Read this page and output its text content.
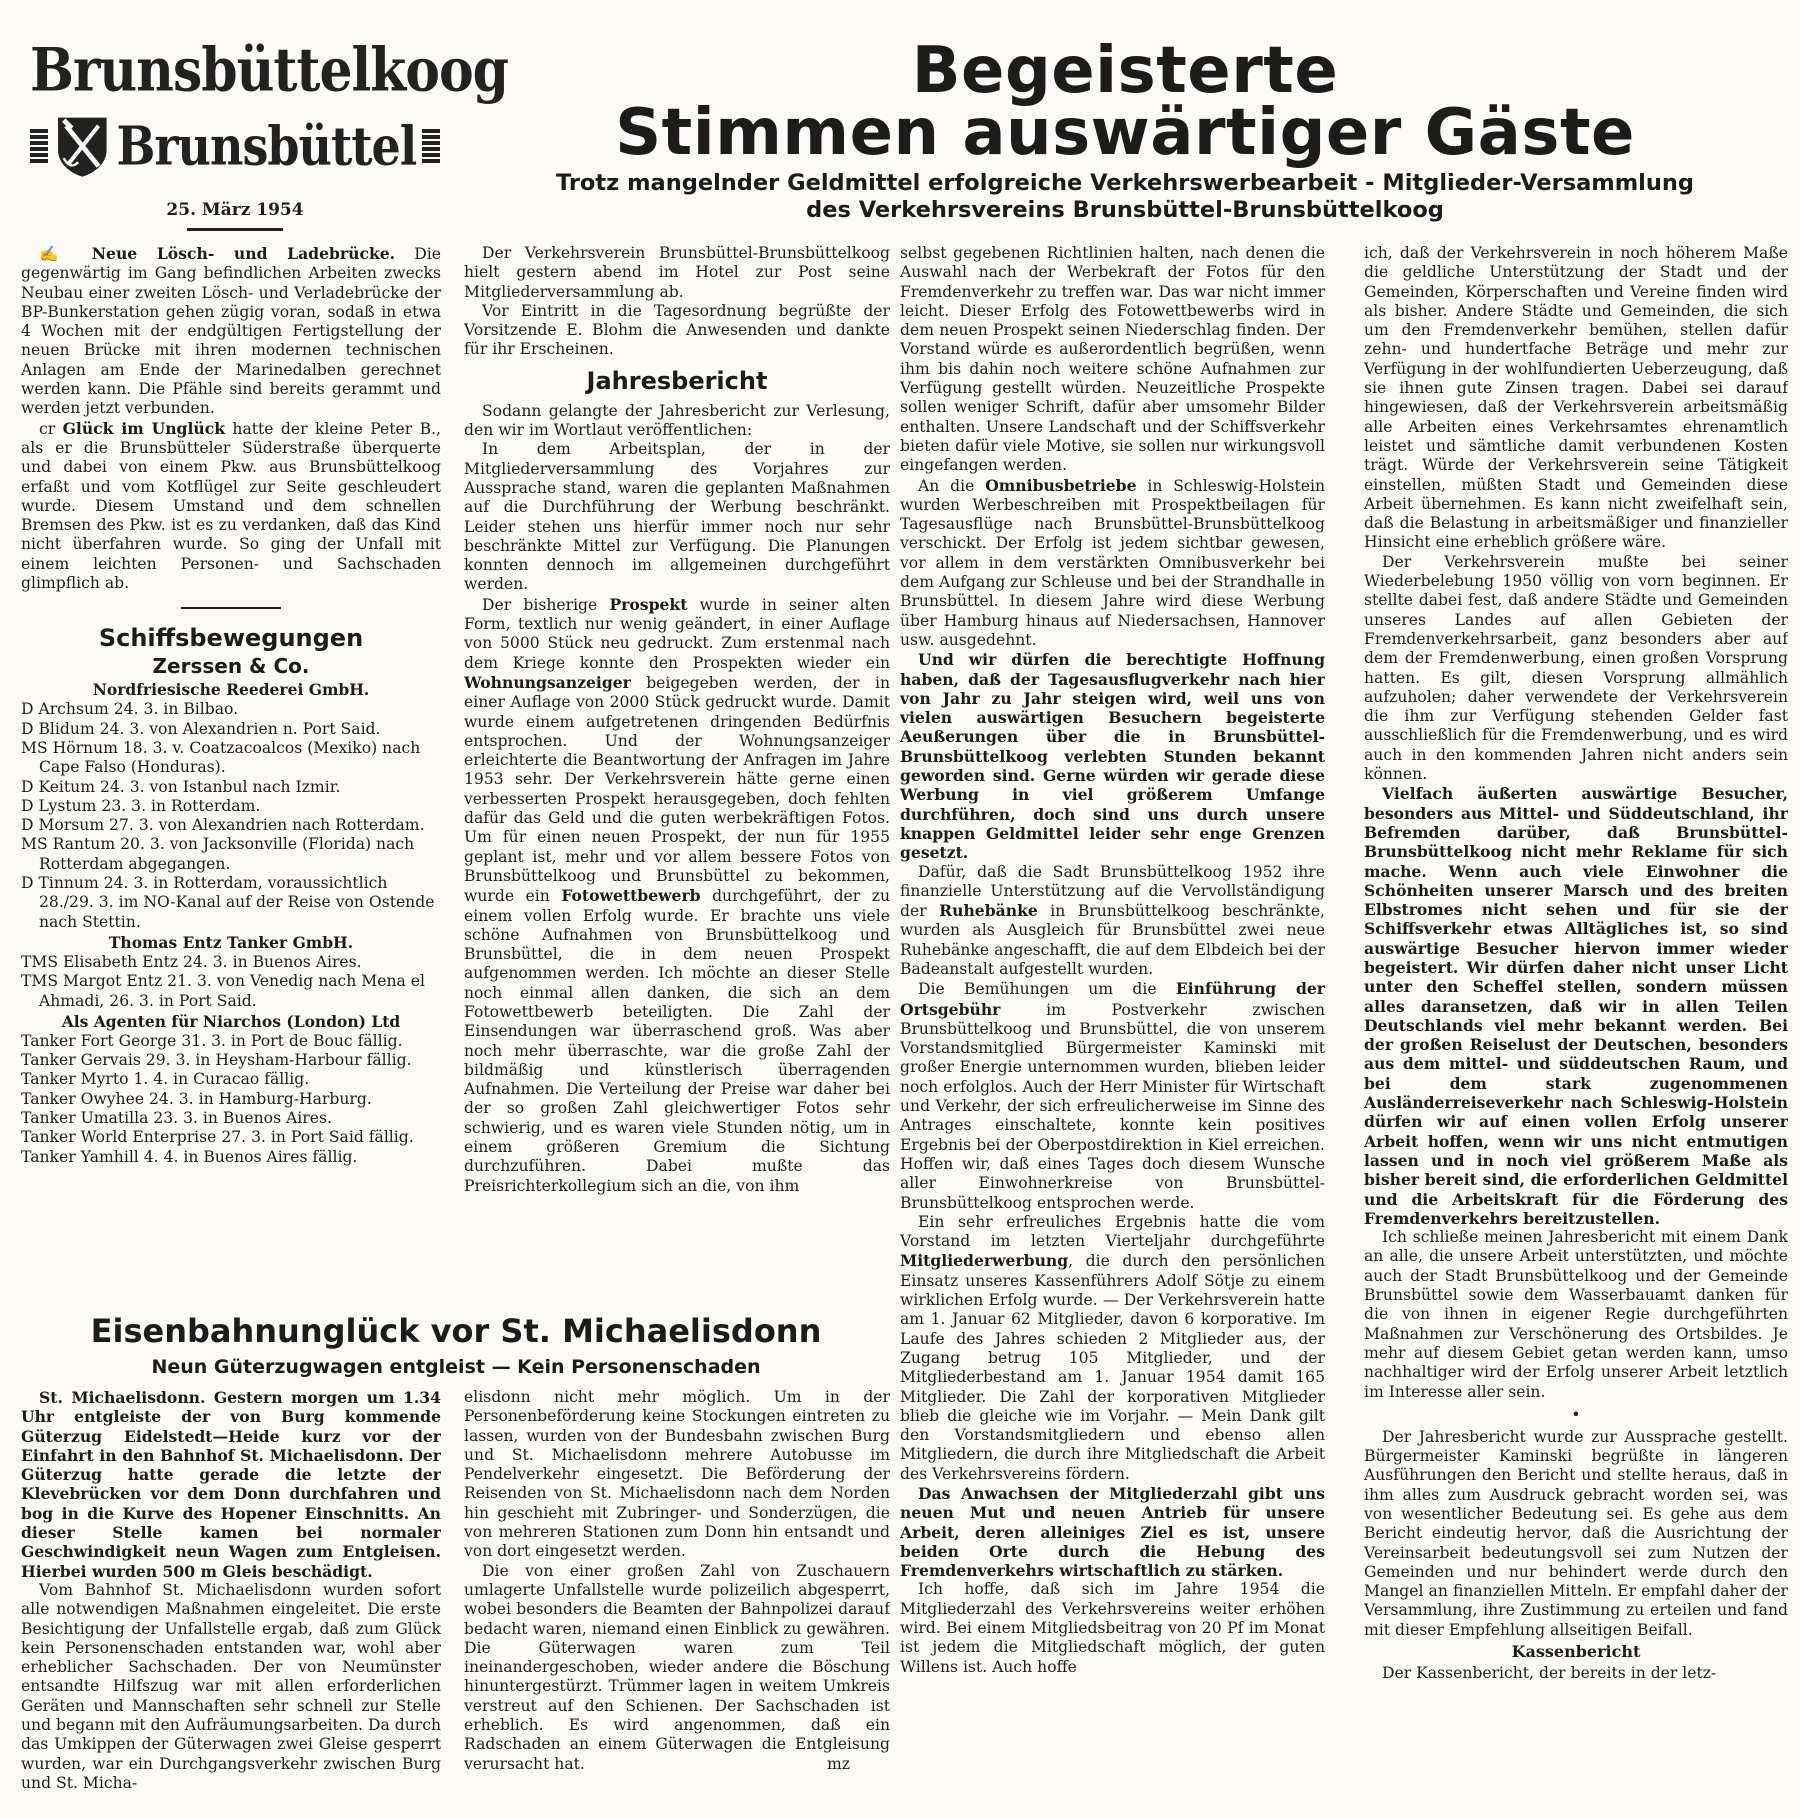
Brunsbüttelkoog
Brunsbüttel
25. März 1954
Begeisterte
Stimmen auswärtiger Gäste
Trotz mangelnder Geldmittel erfolgreiche Verkehrswerbearbeit - Mitglieder-Versammlung
des Verkehrsvereins Brunsbüttel-Brunsbüttelkoog

✍ Neue Lösch- und Ladebrücke. Die gegenwärtig im Gang befindlichen Arbeiten zwecks Neubau einer zweiten Lösch- und Verladebrücke der BP-Bunkerstation gehen zügig voran, sodaß in etwa 4 Wochen mit der endgültigen Fertigstellung der neuen Brücke mit ihren modernen technischen Anlagen am Ende der Marinedalben gerechnet werden kann. Die Pfähle sind bereits gerammt und werden jetzt verbunden.

cr Glück im Unglück hatte der kleine Peter B., als er die Brunsbütteler Süderstraße überquerte und dabei von einem Pkw. aus Brunsbüttelkoog erfaßt und vom Kotflügel zur Seite geschleudert wurde. Diesem Umstand und dem schnellen Bremsen des Pkw. ist es zu verdanken, daß das Kind nicht überfahren wurde. So ging der Unfall mit einem leichten Personen- und Sachschaden glimpflich ab.

Schiffsbewegungen
Zerssen & Co.
Nordfriesische Reederei GmbH.

D Archsum 24. 3. in Bilbao.

D Blidum 24. 3. von Alexandrien n. Port Said.

MS Hörnum 18. 3. v. Coatzacoalcos (Mexiko) nach Cape Falso (Honduras).

D Keitum 24. 3. von Istanbul nach Izmir.

D Lystum 23. 3. in Rotterdam.

D Morsum 27. 3. von Alexandrien nach Rotterdam.

MS Rantum 20. 3. von Jacksonville (Florida) nach Rotterdam abgegangen.

D Tinnum 24. 3. in Rotterdam, voraussichtlich 28./29. 3. im NO-Kanal auf der Reise von Ostende nach Stettin.

Thomas Entz Tanker GmbH.

TMS Elisabeth Entz 24. 3. in Buenos Aires.

TMS Margot Entz 21. 3. von Venedig nach Mena el Ahmadi, 26. 3. in Port Said.

Als Agenten für Niarchos (London) Ltd

Tanker Fort George 31. 3. in Port de Bouc fällig.

Tanker Gervais 29. 3. in Heysham-Harbour fällig.

Tanker Myrto 1. 4. in Curacao fällig.

Tanker Owyhee 24. 3. in Hamburg-Harburg.

Tanker Umatilla 23. 3. in Buenos Aires.

Tanker World Enterprise 27. 3. in Port Said fällig.

Tanker Yamhill 4. 4. in Buenos Aires fällig.

Der Verkehrsverein Brunsbüttel-Brunsbüttelkoog hielt gestern abend im Hotel zur Post seine Mitgliederversammlung ab.

Vor Eintritt in die Tagesordnung begrüßte der Vorsitzende E. Blohm die Anwesenden und dankte für ihr Erscheinen.

Jahresbericht

Sodann gelangte der Jahresbericht zur Verlesung, den wir im Wortlaut veröffentlichen:

In dem Arbeitsplan, der in der Mitgliederversammlung des Vorjahres zur Aussprache stand, waren die geplanten Maßnahmen auf die Durchführung der Werbung beschränkt. Leider stehen uns hierfür immer noch nur sehr beschränkte Mittel zur Verfügung. Die Planungen konnten dennoch im allgemeinen durchgeführt werden.

Der bisherige Prospekt wurde in seiner alten Form, textlich nur wenig geändert, in einer Auflage von 5000 Stück neu gedruckt. Zum erstenmal nach dem Kriege konnte den Prospekten wieder ein Wohnungsanzeiger beigegeben werden, der in einer Auflage von 2000 Stück gedruckt wurde. Damit wurde einem aufgetretenen dringenden Bedürfnis entsprochen. Und der Wohnungsanzeiger erleichterte die Beantwortung der Anfragen im Jahre 1953 sehr. Der Verkehrsverein hätte gerne einen verbesserten Prospekt herausgegeben, doch fehlten dafür das Geld und die guten werbekräftigen Fotos. Um für einen neuen Prospekt, der nun für 1955 geplant ist, mehr und vor allem bessere Fotos von Brunsbüttelkoog und Brunsbüttel zu bekommen, wurde ein Fotowettbewerb durchgeführt, der zu einem vollen Erfolg wurde. Er brachte uns viele schöne Aufnahmen von Brunsbüttelkoog und Brunsbüttel, die in dem neuen Prospekt aufgenommen werden. Ich möchte an dieser Stelle noch einmal allen danken, die sich an dem Fotowettbewerb beteiligten. Die Zahl der Einsendungen war überraschend groß. Was aber noch mehr überraschte, war die große Zahl der bildmäßig und künstlerisch überragenden Aufnahmen. Die Verteilung der Preise war daher bei der so großen Zahl gleichwertiger Fotos sehr schwierig, und es waren viele Stunden nötig, um in einem größeren Gremium die Sichtung durchzuführen. Dabei mußte das Preisrichterkollegium sich an die, von ihm

selbst gegebenen Richtlinien halten, nach denen die Auswahl nach der Werbekraft der Fotos für den Fremdenverkehr zu treffen war. Das war nicht immer leicht. Dieser Erfolg des Fotowettbewerbs wird in dem neuen Prospekt seinen Niederschlag finden. Der Vorstand würde es außerordentlich begrüßen, wenn ihm bis dahin noch weitere schöne Aufnahmen zur Verfügung gestellt würden. Neuzeitliche Prospekte sollen weniger Schrift, dafür aber umsomehr Bilder enthalten. Unsere Landschaft und der Schiffsverkehr bieten dafür viele Motive, sie sollen nur wirkungsvoll eingefangen werden.

An die Omnibusbetriebe in Schleswig-Holstein wurden Werbeschreiben mit Prospektbeilagen für Tagesausflüge nach Brunsbüttel-Brunsbüttelkoog verschickt. Der Erfolg ist jedem sichtbar gewesen, vor allem in dem verstärkten Omnibusverkehr bei dem Aufgang zur Schleuse und bei der Strandhalle in Brunsbüttel. In diesem Jahre wird diese Werbung über Hamburg hinaus auf Niedersachsen, Hannover usw. ausgedehnt.

Und wir dürfen die berechtigte Hoffnung haben, daß der Tagesausflugverkehr nach hier von Jahr zu Jahr steigen wird, weil uns von vielen auswärtigen Besuchern begeisterte Aeußerungen über die in Brunsbüttel-Brunsbüttelkoog verlebten Stunden bekannt geworden sind. Gerne würden wir gerade diese Werbung in viel größerem Umfange durchführen, doch sind uns durch unsere knappen Geldmittel leider sehr enge Grenzen gesetzt.

Dafür, daß die Sadt Brunsbüttelkoog 1952 ihre finanzielle Unterstützung auf die Vervollständigung der Ruhebänke in Brunsbüttelkoog beschränkte, wurden als Ausgleich für Brunsbüttel zwei neue Ruhebänke angeschafft, die auf dem Elbdeich bei der Badeanstalt aufgestellt wurden.

Die Bemühungen um die Einführung der Ortsgebühr im Postverkehr zwischen Brunsbüttelkoog und Brunsbüttel, die von unserem Vorstandsmitglied Bürgermeister Kaminski mit großer Energie unternommen wurden, blieben leider noch erfolglos. Auch der Herr Minister für Wirtschaft und Verkehr, der sich erfreulicherweise im Sinne des Antrages einschaltete, konnte kein positives Ergebnis bei der Oberpostdirektion in Kiel erreichen. Hoffen wir, daß eines Tages doch diesem Wunsche aller Einwohnerkreise von Brunsbüttel-Brunsbüttelkoog entsprochen werde.

Ein sehr erfreuliches Ergebnis hatte die vom Vorstand im letzten Vierteljahr durchgeführte Mitgliederwerbung, die durch den persönlichen Einsatz unseres Kassenführers Adolf Sötje zu einem wirklichen Erfolg wurde. — Der Verkehrsverein hatte am 1. Januar 62 Mitglieder, davon 6 korporative. Im Laufe des Jahres schieden 2 Mitglieder aus, der Zugang betrug 105 Mitglieder, und der Mitgliederbestand am 1. Januar 1954 damit 165 Mitglieder. Die Zahl der korporativen Mitglieder blieb die gleiche wie im Vorjahr. — Mein Dank gilt den Vorstandsmitgliedern und ebenso allen Mitgliedern, die durch ihre Mitgliedschaft die Arbeit des Verkehrsvereins fördern.

Das Anwachsen der Mitgliederzahl gibt uns neuen Mut und neuen Antrieb für unsere Arbeit, deren alleiniges Ziel es ist, unsere beiden Orte durch die Hebung des Fremdenverkehrs wirtschaftlich zu stärken.

Ich hoffe, daß sich im Jahre 1954 die Mitgliederzahl des Verkehrsvereins weiter erhöhen wird. Bei einem Mitgliedsbeitrag von 20 Pf im Monat ist jedem die Mitgliedschaft möglich, der guten Willens ist. Auch hoffe

ich, daß der Verkehrsverein in noch höherem Maße die geldliche Unterstützung der Stadt und der Gemeinden, Körperschaften und Vereine finden wird als bisher. Andere Städte und Gemeinden, die sich um den Fremdenverkehr bemühen, stellen dafür zehn- und hundertfache Beträge und mehr zur Verfügung in der wohlfundierten Ueberzeugung, daß sie ihnen gute Zinsen tragen. Dabei sei darauf hingewiesen, daß der Verkehrsverein arbeitsmäßig alle Arbeiten eines Verkehrsamtes ehrenamtlich leistet und sämtliche damit verbundenen Kosten trägt. Würde der Verkehrsverein seine Tätigkeit einstellen, müßten Stadt und Gemeinden diese Arbeit übernehmen. Es kann nicht zweifelhaft sein, daß die Belastung in arbeitsmäßiger und finanzieller Hinsicht eine erheblich größere wäre.

Der Verkehrsverein mußte bei seiner Wiederbelebung 1950 völlig von vorn beginnen. Er stellte dabei fest, daß andere Städte und Gemeinden unseres Landes auf allen Gebieten der Fremdenverkehrsarbeit, ganz besonders aber auf dem der Fremdenwerbung, einen großen Vorsprung hatten. Es gilt, diesen Vorsprung allmählich aufzuholen; daher verwendete der Verkehrsverein die ihm zur Verfügung stehenden Gelder fast ausschließlich für die Fremdenwerbung, und es wird auch in den kommenden Jahren nicht anders sein können.

Vielfach äußerten auswärtige Besucher, besonders aus Mittel- und Süddeutschland, ihr Befremden darüber, daß Brunsbüttel-Brunsbüttelkoog nicht mehr Reklame für sich mache. Wenn auch viele Einwohner die Schönheiten unserer Marsch und des breiten Elbstromes nicht sehen und für sie der Schiffsverkehr etwas Alltägliches ist, so sind auswärtige Besucher hiervon immer wieder begeistert. Wir dürfen daher nicht unser Licht unter den Scheffel stellen, sondern müssen alles daransetzen, daß wir in allen Teilen Deutschlands viel mehr bekannt werden. Bei der großen Reiselust der Deutschen, besonders aus dem mittel- und süddeutschen Raum, und bei dem stark zugenommenen Ausländerreiseverkehr nach Schleswig-Holstein dürfen wir auf einen vollen Erfolg unserer Arbeit hoffen, wenn wir uns nicht entmutigen lassen und in noch viel größerem Maße als bisher bereit sind, die erforderlichen Geldmittel und die Arbeitskraft für die Förderung des Fremdenverkehrs bereitzustellen.

Ich schließe meinen Jahresbericht mit einem Dank an alle, die unsere Arbeit unterstützten, und möchte auch der Stadt Brunsbüttelkoog und der Gemeinde Brunsbüttel sowie dem Wasserbauamt danken für die von ihnen in eigener Regie durchgeführten Maßnahmen zur Verschönerung des Ortsbildes. Je mehr auf diesem Gebiet getan werden kann, umso nachhaltiger wird der Erfolg unserer Arbeit letztlich im Interesse aller sein.

•

Der Jahresbericht wurde zur Aussprache gestellt. Bürgermeister Kaminski begrüßte in längeren Ausführungen den Bericht und stellte heraus, daß in ihm alles zum Ausdruck gebracht worden sei, was von wesentlicher Bedeutung sei. Es gehe aus dem Bericht eindeutig hervor, daß die Ausrichtung der Vereinsarbeit bedeutungsvoll sei zum Nutzen der Gemeinden und nur behindert werde durch den Mangel an finanziellen Mitteln. Er empfahl daher der Versammlung, ihre Zustimmung zu erteilen und fand mit dieser Empfehlung allseitigen Beifall.

Kassenbericht

Der Kassenbericht, der bereits in der letz-

Eisenbahnunglück vor St. Michaelisdonn
Neun Güterzugwagen entgleist — Kein Personenschaden

St. Michaelisdonn. Gestern morgen um 1.34 Uhr entgleiste der von Burg kommende Güterzug Eidelstedt—Heide kurz vor der Einfahrt in den Bahnhof St. Michaelisdonn. Der Güterzug hatte gerade die letzte der Klevebrücken vor dem Donn durchfahren und bog in die Kurve des Hopener Einschnitts. An dieser Stelle kamen bei normaler Geschwindigkeit neun Wagen zum Entgleisen. Hierbei wurden 500 m Gleis beschädigt.

Vom Bahnhof St. Michaelisdonn wurden sofort alle notwendigen Maßnahmen eingeleitet. Die erste Besichtigung der Unfallstelle ergab, daß zum Glück kein Personenschaden entstanden war, wohl aber erheblicher Sachschaden. Der von Neumünster entsandte Hilfszug war mit allen erforderlichen Geräten und Mannschaften sehr schnell zur Stelle und begann mit den Aufräumungsarbeiten. Da durch das Umkippen der Güterwagen zwei Gleise gesperrt wurden, war ein Durchgangsverkehr zwischen Burg und St. Micha-

elisdonn nicht mehr möglich. Um in der Personenbeförderung keine Stockungen eintreten zu lassen, wurden von der Bundesbahn zwischen Burg und St. Michaelisdonn mehrere Autobusse im Pendelverkehr eingesetzt. Die Beförderung der Reisenden von St. Michaelisdonn nach dem Norden hin geschieht mit Zubringer- und Sonderzügen, die von mehreren Stationen zum Donn hin entsandt und von dort eingesetzt werden.

Die von einer großen Zahl von Zuschauern umlagerte Unfallstelle wurde polizeilich abgesperrt, wobei besonders die Beamten der Bahnpolizei darauf bedacht waren, niemand einen Einblick zu gewähren. Die Güterwagen waren zum Teil ineinandergeschoben, wieder andere die Böschung hinuntergestürzt. Trümmer lagen in weitem Umkreis verstreut auf den Schienen. Der Sachschaden ist erheblich. Es wird angenommen, daß ein Radschaden an einem Güterwagen die Entgleisung verursacht hat.	mz
